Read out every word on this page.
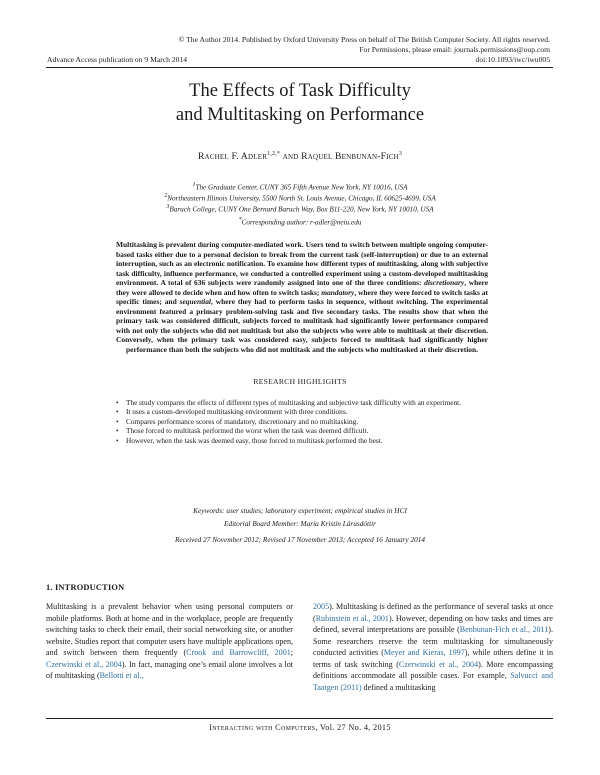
© The Author 2014. Published by Oxford University Press on behalf of The British Computer Society. All rights reserved.
For Permissions, please email: journals.permissions@oup.com
Advance Access publication on 9 March 2014	doi:10.1093/iwc/iwu005
The Effects of Task Difficulty
and Multitasking on Performance
Rachel F. Adler$^{1,2,*}$ and Raquel Benbunan-Fich$^3$
$^1$The Graduate Center, CUNY 365 Fifth Avenue New York, NY 10016, USA
$^2$Northeastern Illinois University, 5500 North St. Louis Avenue, Chicago, IL 60625-4699, USA
$^3$Baruch College, CUNY One Bernard Baruch Way, Box B11-220, New York, NY 10010, USA
*Corresponding author: r-adler@neiu.edu
Multitasking is prevalent during computer-mediated work. Users tend to switch between multiple ongoing computer-based tasks either due to a personal decision to break from the current task (self-interruption) or due to an external interruption, such as an electronic notification. To examine how different types of multitasking, along with subjective task difficulty, influence performance, we conducted a controlled experiment using a custom-developed multitasking environment. A total of 636 subjects were randomly assigned into one of the three conditions: discretionary, where they were allowed to decide when and how often to switch tasks; mandatory, where they were forced to switch tasks at specific times; and sequential, where they had to perform tasks in sequence, without switching. The experimental environment featured a primary problem-solving task and five secondary tasks. The results show that when the primary task was considered difficult, subjects forced to multitask had significantly lower performance compared with not only the subjects who did not multitask but also the subjects who were able to multitask at their discretion. Conversely, when the primary task was considered easy, subjects forced to multitask had significantly higher performance than both the subjects who did not multitask and the subjects who multitasked at their discretion.
RESEARCH HIGHLIGHTS
• The study compares the effects of different types of multitasking and subjective task difficulty with an experiment.
• It uses a custom-developed multitasking environment with three conditions.
• Compares performance scores of mandatory, discretionary and no multitasking.
• Those forced to multitask performed the worst when the task was deemed difficult.
• However, when the task was deemed easy, those forced to multitask performed the best.
Keywords: user studies; laboratory experiment; empirical studies in HCI
Editorial Board Member: Maria Kristín Lárusdóttir
Received 27 November 2012; Revised 17 November 2013; Accepted 16 January 2014
1. INTRODUCTION
Multitasking is a prevalent behavior when using personal computers or mobile platforms. Both at home and in the workplace, people are frequently switching tasks to check their email, their social networking site, or another website. Studies report that computer users have multiple applications open, and switch between them frequently (Crook and Barrowcliff, 2001; Czerwinski et al., 2004). In fact, managing one’s email alone involves a lot of multitasking (Bellotti et al.,
2005). Multitasking is defined as the performance of several tasks at once (Rubinstein et al., 2001). However, depending on how tasks and times are defined, several interpretations are possible (Benbunan-Fich et al., 2011). Some researchers reserve the term multitasking for simultaneously conducted activities (Meyer and Kieras, 1997), while others define it in terms of task switching (Czerwinski et al., 2004). More encompassing definitions accommodate all possible cases. For example, Salvucci and Taatgen (2011) defined a multitasking
Interacting with Computers, Vol. 27 No. 4, 2015
